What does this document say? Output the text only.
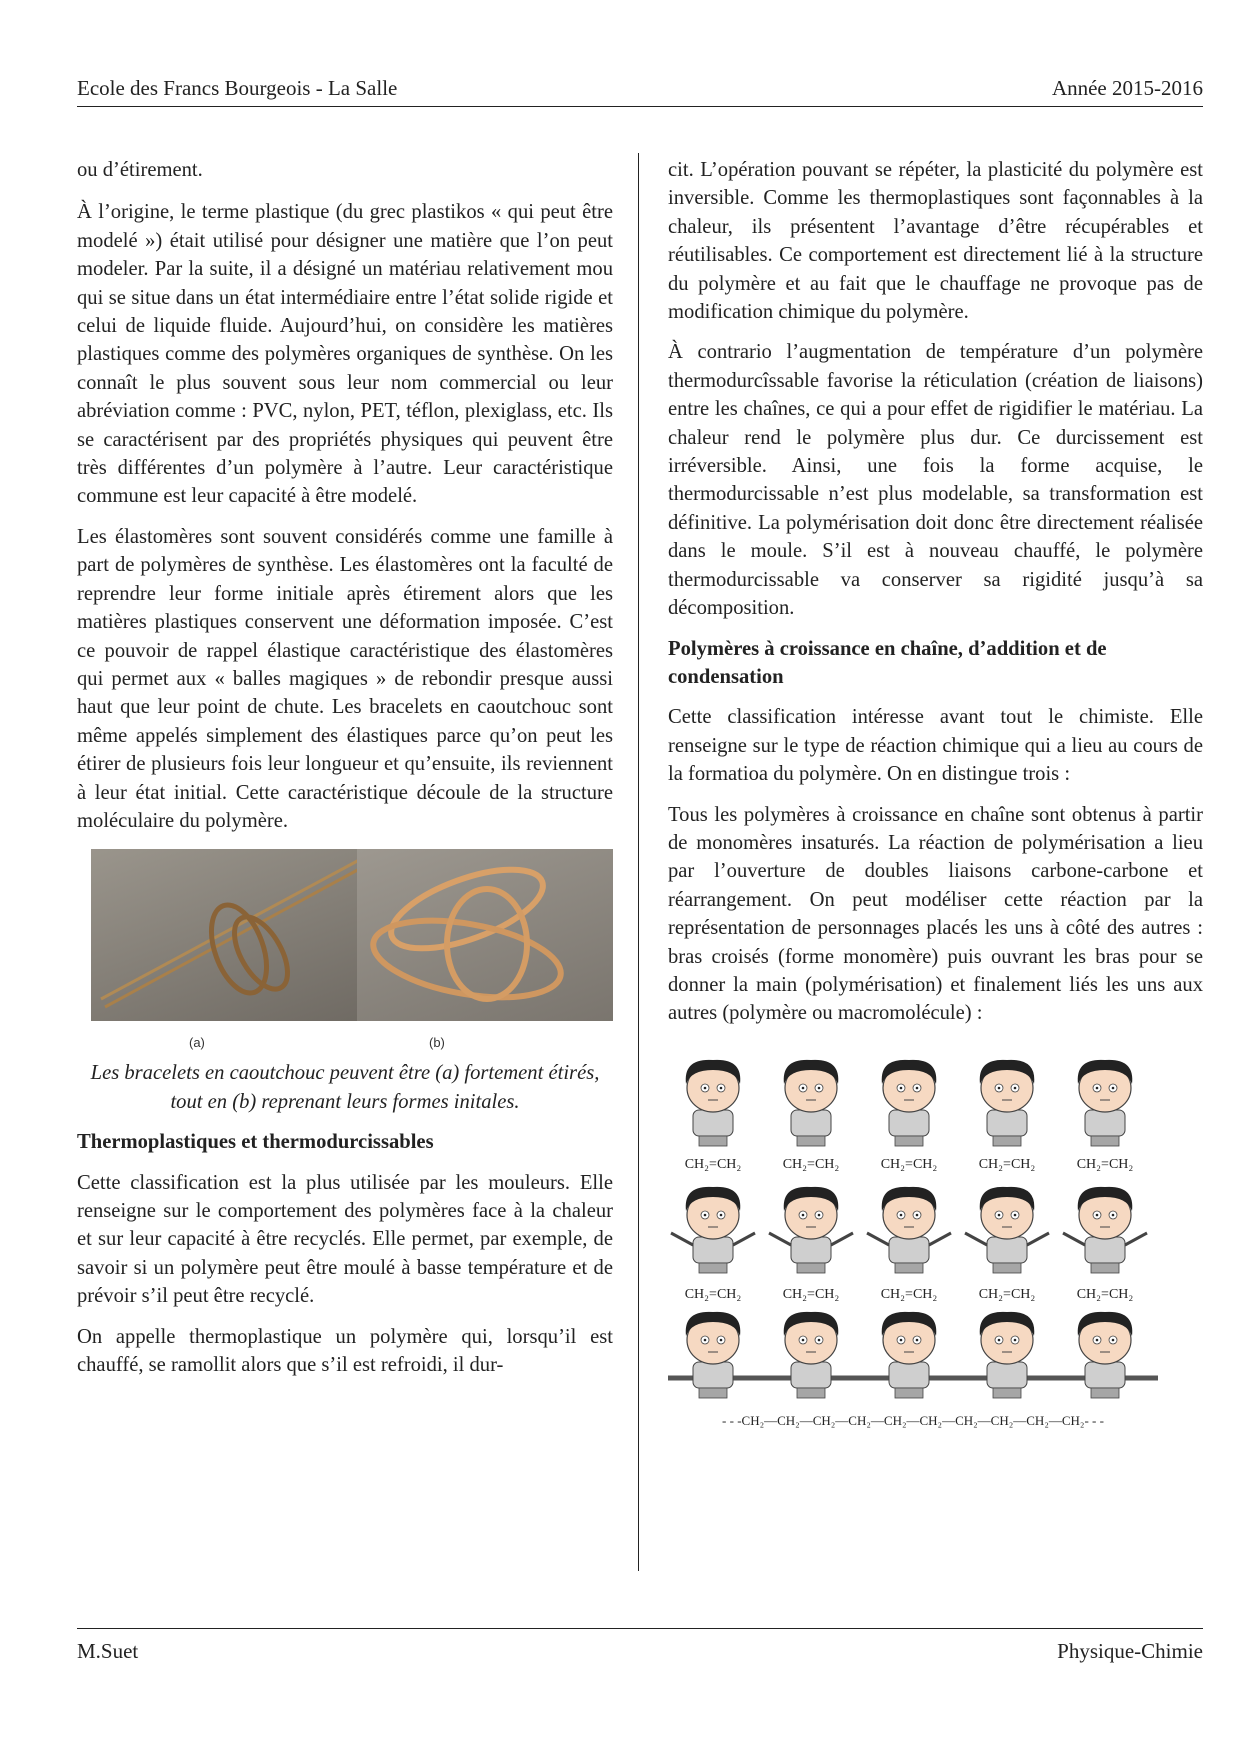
Ecole des Francs Bourgeois - La Salle	Année 2015-2016

ou d’étirement.

À l’origine, le terme plastique (du grec plastikos « qui peut être modelé ») était utilisé pour désigner une matière que l’on peut modeler. Par la suite, il a désigné un matériau relativement mou qui se situe dans un état intermédiaire entre l’état solide rigide et celui de liquide fluide. Aujourd’hui, on considère les matières plastiques comme des polymères organiques de synthèse. On les connaît le plus souvent sous leur nom commercial ou leur abréviation comme : PVC, nylon, PET, téflon, plexiglass, etc. Ils se caractérisent par des propriétés physiques qui peuvent être très différentes d’un polymère à l’autre. Leur caractéristique commune est leur capacité à être modelé.

Les élastomères sont souvent considérés comme une famille à part de polymères de synthèse. Les élastomères ont la faculté de reprendre leur forme initiale après étirement alors que les matières plastiques conservent une déformation imposée. C’est ce pouvoir de rappel élastique caractéristique des élastomères qui permet aux « balles magiques » de rebondir presque aussi haut que leur point de chute. Les bracelets en caoutchouc sont même appelés simplement des élastiques parce qu’on peut les étirer de plusieurs fois leur longueur et qu’ensuite, ils reviennent à leur état initial. Cette caractéristique découle de la structure moléculaire du polymère.

(a)	(b)

Les bracelets en caoutchouc peuvent être (a) fortement étirés, tout en (b) reprenant leurs formes initales.

Thermoplastiques et thermodurcissables

Cette classification est la plus utilisée par les mouleurs. Elle renseigne sur le comportement des polymères face à la chaleur et sur leur capacité à être recyclés. Elle permet, par exemple, de savoir si un polymère peut être moulé à basse température et de prévoir s’il peut être recyclé.

On appelle thermoplastique un polymère qui, lorsqu’il est chauffé, se ramollit alors que s’il est refroidi, il dur-

cit. L’opération pouvant se répéter, la plasticité du polymère est inversible. Comme les thermoplastiques sont façonnables à la chaleur, ils présentent l’avantage d’être récupérables et réutilisables. Ce comportement est directement lié à la structure du polymère et au fait que le chauffage ne provoque pas de modification chimique du polymère.

À contrario l’augmentation de température d’un polymère thermodurcîssable favorise la réticulation (création de liaisons) entre les chaînes, ce qui a pour effet de rigidifier le matériau. La chaleur rend le polymère plus dur. Ce durcissement est irréversible. Ainsi, une fois la forme acquise, le thermodurcissable n’est plus modelable, sa transformation est définitive. La polymérisation doit donc être directement réalisée dans le moule. S’il est à nouveau chauffé, le polymère thermodurcissable va conserver sa rigidité jusqu’à sa décomposition.

Polymères à croissance en chaîne, d’addition et de condensation

Cette classification intéresse avant tout le chimiste. Elle renseigne sur le type de réaction chimique qui a lieu au cours de la formatioa du polymère. On en distingue trois :

Tous les polymères à croissance en chaîne sont obtenus à partir de monomères insaturés. La réaction de polymérisation a lieu par l’ouverture de doubles liaisons carbone-carbone et réarrangement. On peut modéliser cette réaction par la représentation de personnages placés les uns à côté des autres : bras croisés (forme monomère) puis ouvrant les bras pour se donner la main (polymérisation) et finalement liés les uns aux autres (polymère ou macromolécule) :

CH₂=CH₂	CH₂=CH₂	CH₂=CH₂	CH₂=CH₂	CH₂=CH₂
CH₂=CH₂	CH₂=CH₂	CH₂=CH₂	CH₂=CH₂	CH₂=CH₂
- - -CH₂—CH₂—CH₂—CH₂—CH₂—CH₂—CH₂—CH₂—CH₂—CH₂- - -
M.Suet	Physique-Chimie
